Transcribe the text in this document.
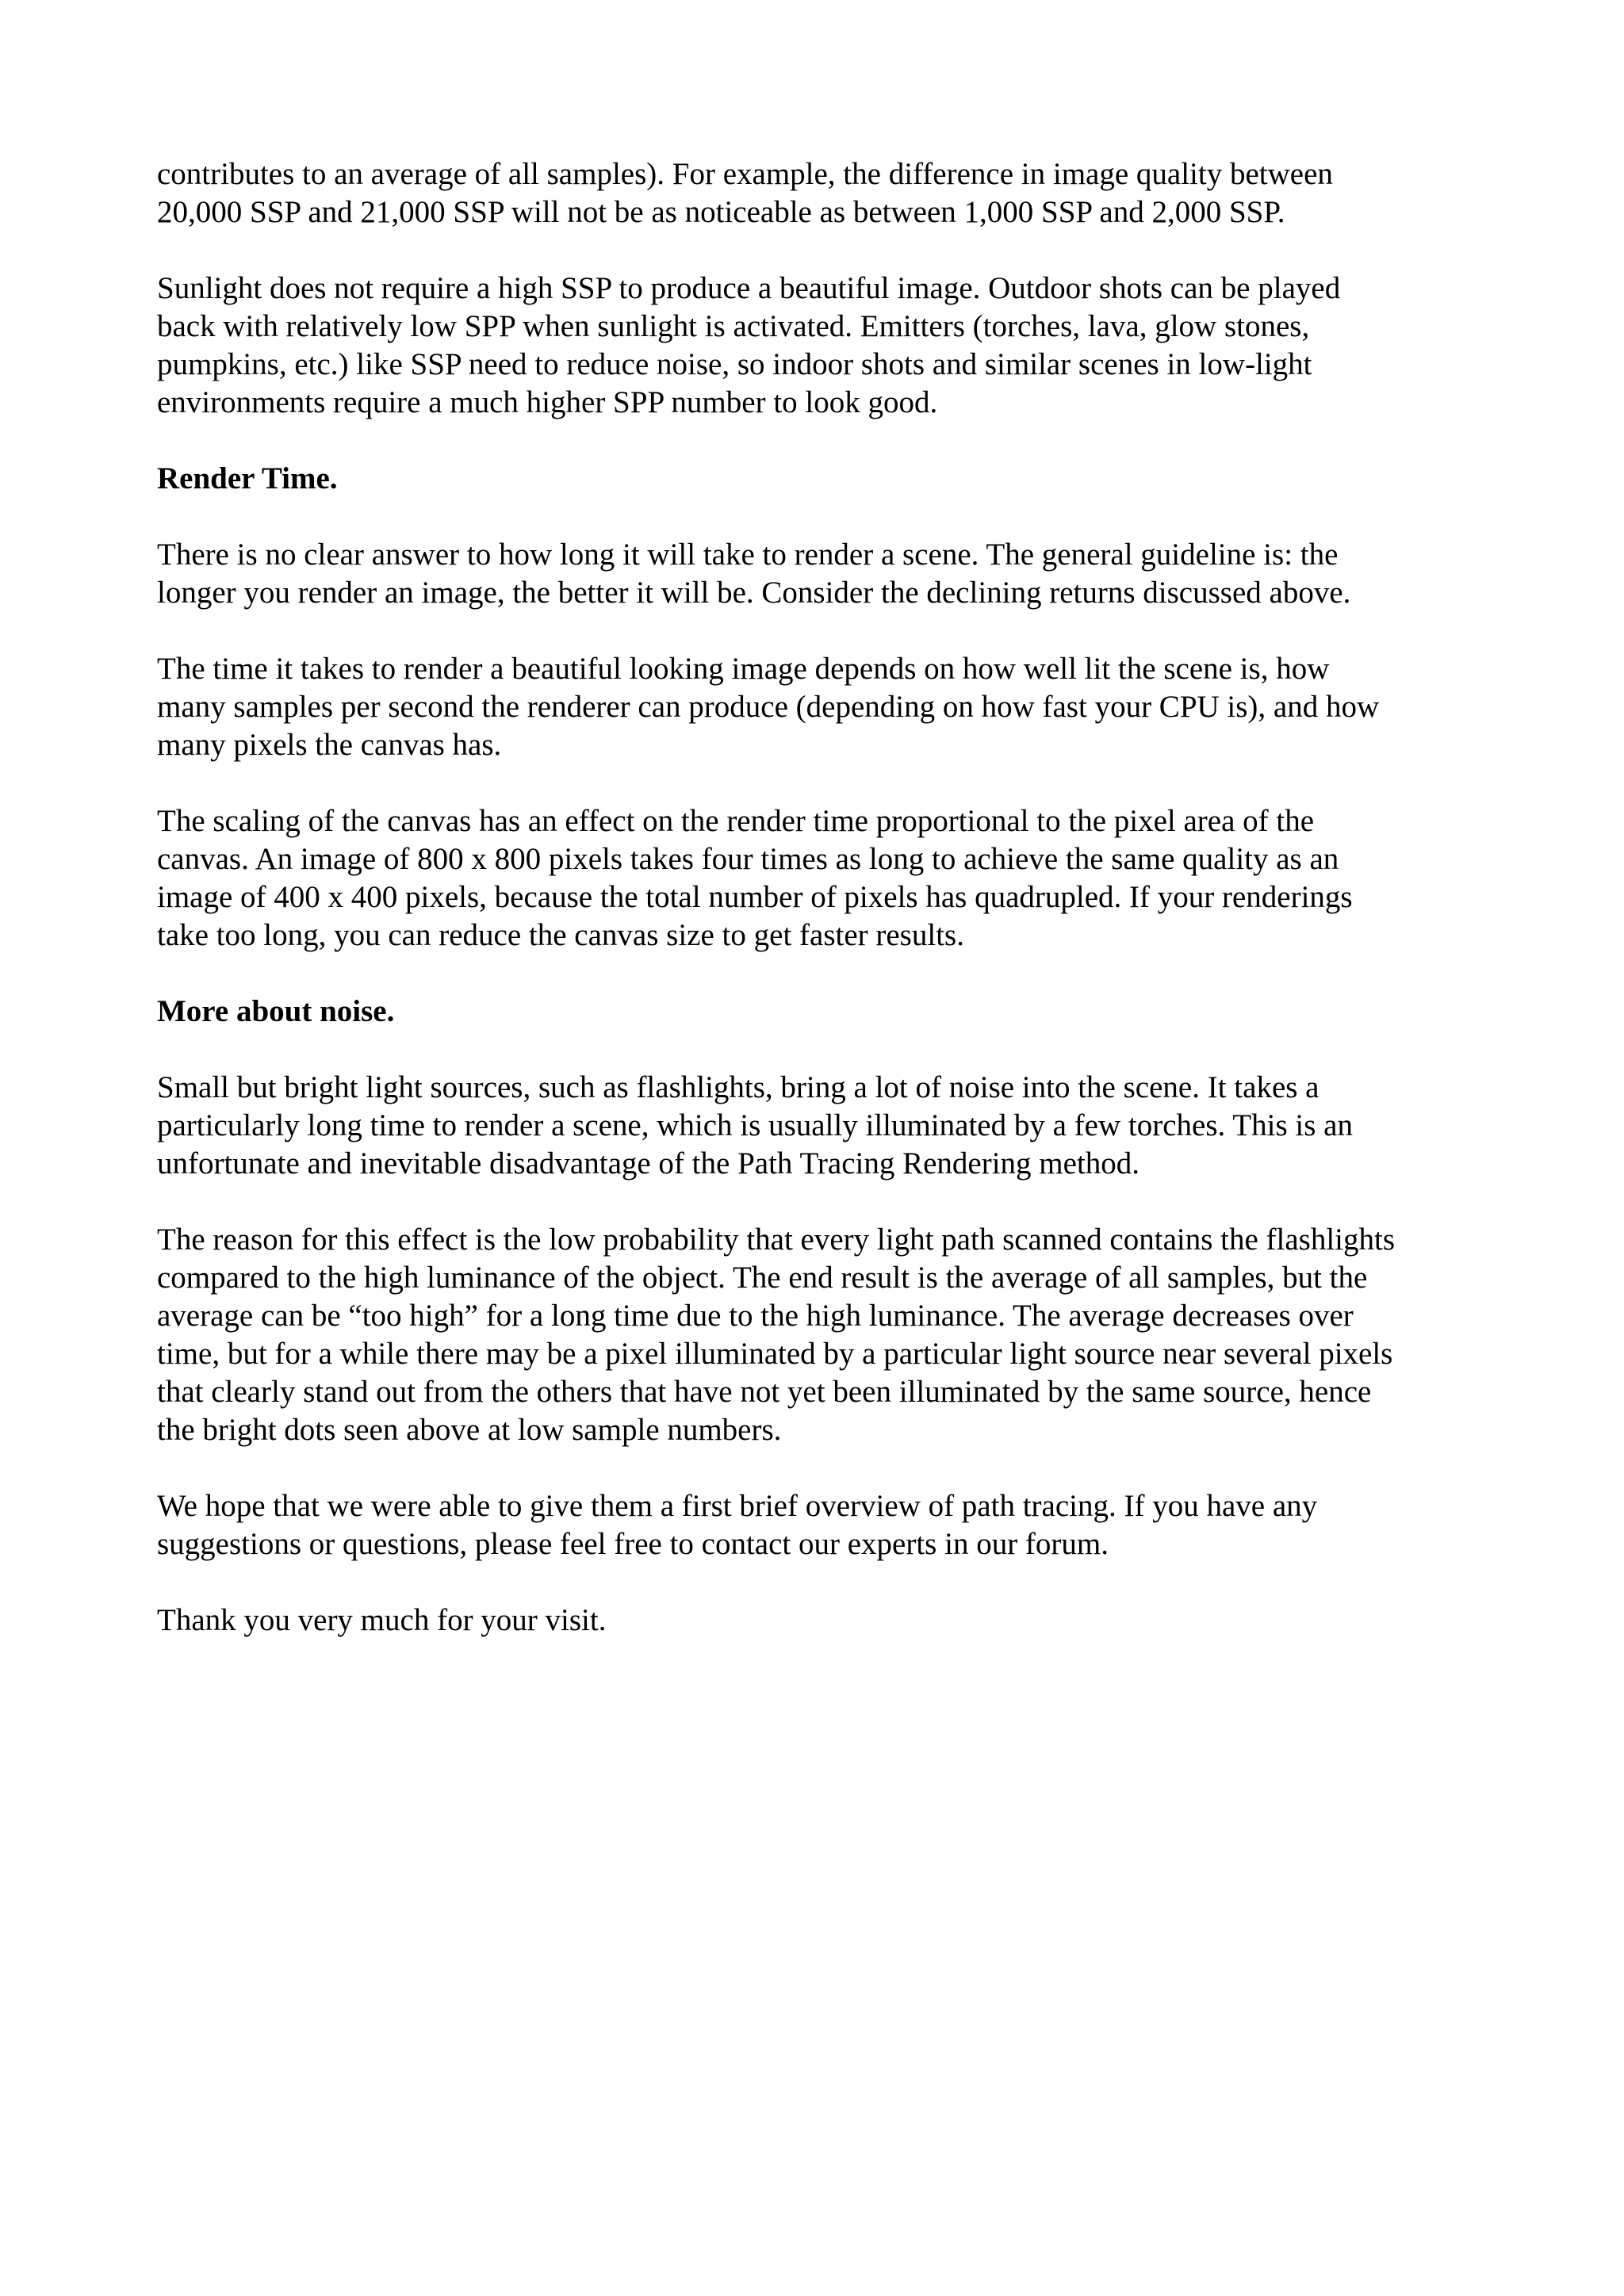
contributes to an average of all samples). For example, the difference in image quality between
20,000 SSP and 21,000 SSP will not be as noticeable as between 1,000 SSP and 2,000 SSP.
Sunlight does not require a high SSP to produce a beautiful image. Outdoor shots can be played
back with relatively low SPP when sunlight is activated. Emitters (torches, lava, glow stones,
pumpkins, etc.) like SSP need to reduce noise, so indoor shots and similar scenes in low-light
environments require a much higher SPP number to look good.
Render Time.
There is no clear answer to how long it will take to render a scene. The general guideline is: the
longer you render an image, the better it will be. Consider the declining returns discussed above.
The time it takes to render a beautiful looking image depends on how well lit the scene is, how
many samples per second the renderer can produce (depending on how fast your CPU is), and how
many pixels the canvas has.
The scaling of the canvas has an effect on the render time proportional to the pixel area of the
canvas. An image of 800 x 800 pixels takes four times as long to achieve the same quality as an
image of 400 x 400 pixels, because the total number of pixels has quadrupled. If your renderings
take too long, you can reduce the canvas size to get faster results.
More about noise.
Small but bright light sources, such as flashlights, bring a lot of noise into the scene. It takes a
particularly long time to render a scene, which is usually illuminated by a few torches. This is an
unfortunate and inevitable disadvantage of the Path Tracing Rendering method.
The reason for this effect is the low probability that every light path scanned contains the flashlights
compared to the high luminance of the object. The end result is the average of all samples, but the
average can be “too high” for a long time due to the high luminance. The average decreases over
time, but for a while there may be a pixel illuminated by a particular light source near several pixels
that clearly stand out from the others that have not yet been illuminated by the same source, hence
the bright dots seen above at low sample numbers.
We hope that we were able to give them a first brief overview of path tracing. If you have any
suggestions or questions, please feel free to contact our experts in our forum.
Thank you very much for your visit.
